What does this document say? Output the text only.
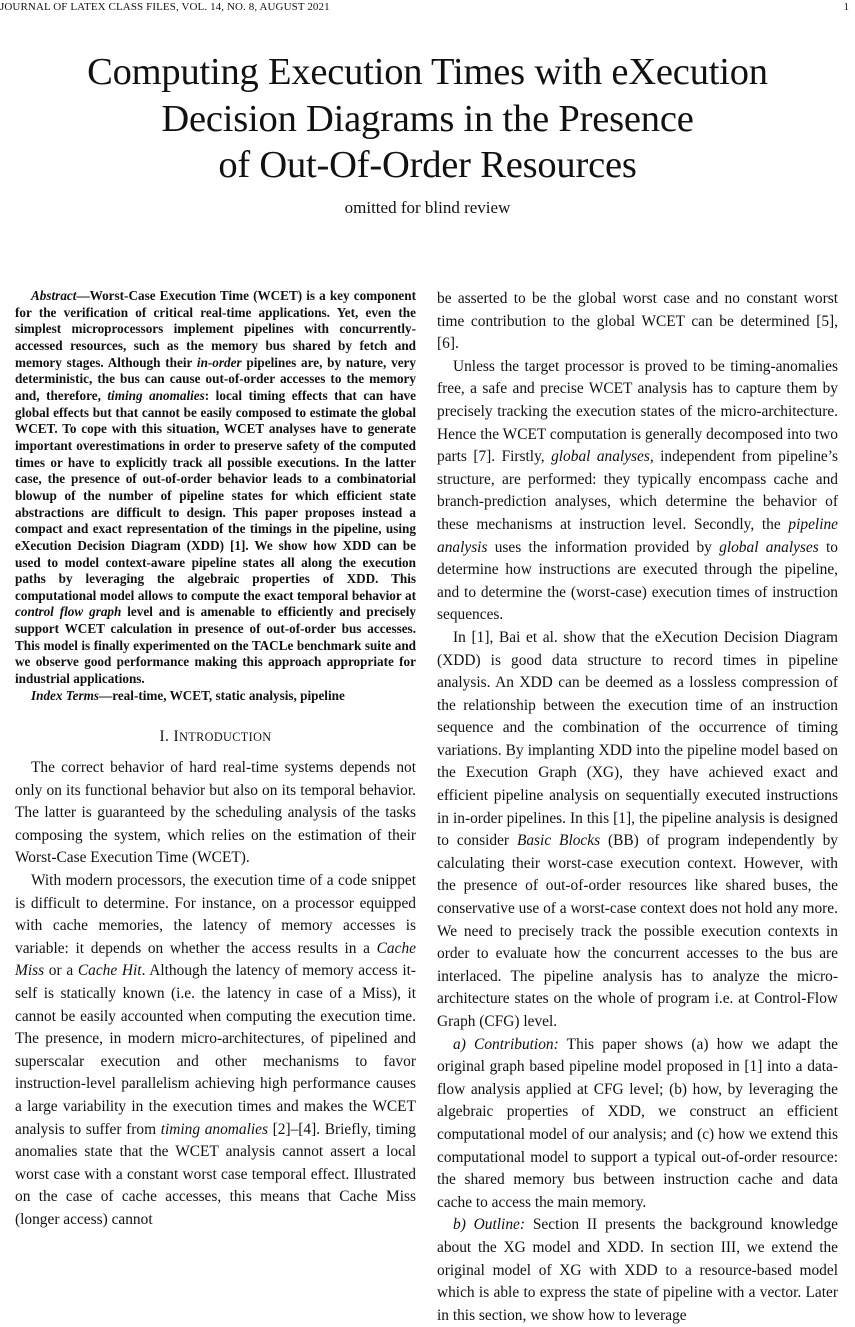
JOURNAL OF LATEX CLASS FILES, VOL. 14, NO. 8, AUGUST 2021	1
Computing Execution Times with eXecution
Decision Diagrams in the Presence
of Out-Of-Order Resources
omitted for blind review

Abstract—Worst-Case Execution Time (WCET) is a key component for the verification of critical real-time applications. Yet, even the simplest microprocessors implement pipelines with concurrently-accessed resources, such as the memory bus shared by fetch and memory stages. Although their in-order pipelines are, by nature, very deterministic, the bus can cause out-of-order accesses to the memory and, therefore, timing anomalies: local timing effects that can have global effects but that cannot be easily composed to estimate the global WCET. To cope with this situation, WCET analyses have to generate important overestimations in order to preserve safety of the computed times or have to explicitly track all possible executions. In the latter case, the presence of out-of-order behavior leads to a combinatorial blowup of the number of pipeline states for which efficient state abstractions are difficult to design. This paper proposes instead a compact and exact representation of the timings in the pipeline, using eXecution Decision Diagram (XDD) [1]. We show how XDD can be used to model context-aware pipeline states all along the execution paths by leveraging the algebraic properties of XDD. This computational model allows to compute the exact temporal behavior at control flow graph level and is amenable to efficiently and precisely support WCET calculation in presence of out-of-order bus accesses. This model is finally experimented on the TACLe benchmark suite and we observe good performance making this approach appropriate for industrial applications.

Index Terms—real-time, WCET, static analysis, pipeline

I. INTRODUCTION

The correct behavior of hard real-time systems depends not only on its functional behavior but also on its temporal behavior. The latter is guaranteed by the scheduling analysis of the tasks composing the system, which relies on the estimation of their Worst-Case Execution Time (WCET).

With modern processors, the execution time of a code snippet is difficult to determine. For instance, on a processor equipped with cache memories, the latency of memory accesses is variable: it depends on whether the access results in a Cache Miss or a Cache Hit. Although the latency of memory access it-self is statically known (i.e. the latency in case of a Miss), it cannot be easily accounted when computing the execution time. The presence, in modern micro-architectures, of pipelined and superscalar execution and other mechanisms to favor instruction-level parallelism achieving high performance causes a large variability in the execution times and makes the WCET analysis to suffer from timing anomalies [2]–[4]. Briefly, timing anomalies state that the WCET analysis cannot assert a local worst case with a constant worst case temporal effect. Illustrated on the case of cache accesses, this means that Cache Miss (longer access) cannot

be asserted to be the global worst case and no constant worst time contribution to the global WCET can be determined [5], [6].

Unless the target processor is proved to be timing-anomalies free, a safe and precise WCET analysis has to capture them by precisely tracking the execution states of the micro-architecture. Hence the WCET computation is generally decomposed into two parts [7]. Firstly, global analyses, independent from pipeline’s structure, are performed: they typically encompass cache and branch-prediction analyses, which determine the behavior of these mechanisms at instruction level. Secondly, the pipeline analysis uses the information provided by global analyses to determine how instructions are executed through the pipeline, and to determine the (worst-case) execution times of instruction sequences.

In [1], Bai et al. show that the eXecution Decision Diagram (XDD) is good data structure to record times in pipeline analysis. An XDD can be deemed as a lossless compression of the relationship between the execution time of an instruction sequence and the combination of the occurrence of timing variations. By implanting XDD into the pipeline model based on the Execution Graph (XG), they have achieved exact and efficient pipeline analysis on sequentially executed instructions in in-order pipelines. In this [1], the pipeline analysis is designed to consider Basic Blocks (BB) of program independently by calculating their worst-case execution context. However, with the presence of out-of-order resources like shared buses, the conservative use of a worst-case context does not hold any more. We need to precisely track the possible execution contexts in order to evaluate how the concurrent accesses to the bus are interlaced. The pipeline analysis has to analyze the micro-architecture states on the whole of program i.e. at Control-Flow Graph (CFG) level.

a) Contribution: This paper shows (a) how we adapt the original graph based pipeline model proposed in [1] into a data-flow analysis applied at CFG level; (b) how, by leveraging the algebraic properties of XDD, we construct an efficient computational model of our analysis; and (c) how we extend this computational model to support a typical out-of-order resource: the shared memory bus between instruction cache and data cache to access the main memory.

b) Outline: Section II presents the background knowledge about the XG model and XDD. In section III, we extend the original model of XG with XDD to a resource-based model which is able to express the state of pipeline with a vector. Later in this section, we show how to leverage
